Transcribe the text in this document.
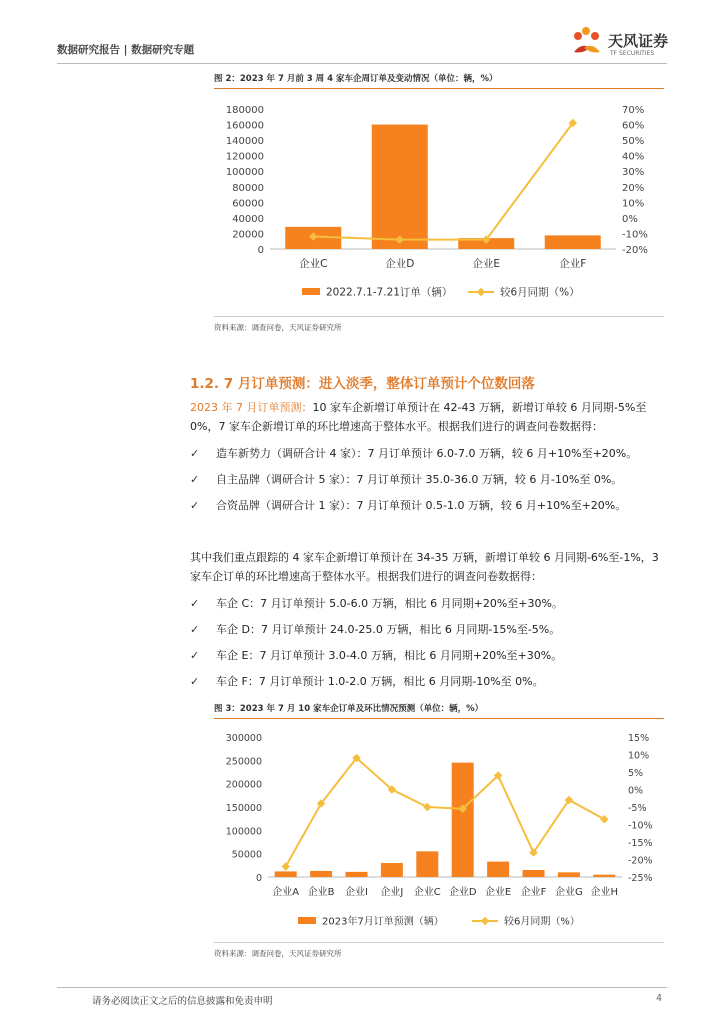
数据研究报告 | 数据研究专题	天风证券
TF SECURITIES
图 2：2023 年 7 月前 3 周 4 家车企周订单及变动情况（单位：辆，%）
180000
160000
140000
120000
100000
80000
60000
40000
20000
0
70%
60%
50%
40%
30%
20%
10%
0%
-10%
-20%
企业C	企业D	企业E	企业F
2022.7.1-7.21订单（辆）	较6月同期（%）
资料来源：调查问卷，天风证券研究所
1.2. 7 月订单预测：进入淡季，整体订单预计个位数回落
2023 年 7 月订单预测：10 家车企新增订单预计在 42-43 万辆，新增订单较 6 月同期-5%至 0%，7 家车企新增订单的环比增速高于整体水平。根据我们进行的调查问卷数据得：
✓ 造车新势力（调研合计 4 家）：7 月订单预计 6.0-7.0 万辆，较 6 月+10%至+20%。
✓ 自主品牌（调研合计 5 家）：7 月订单预计 35.0-36.0 万辆，较 6 月-10%至 0%。
✓ 合资品牌（调研合计 1 家）：7 月订单预计 0.5-1.0 万辆，较 6 月+10%至+20%。
其中我们重点跟踪的 4 家车企新增订单预计在 34-35 万辆，新增订单较 6 月同期-6%至-1%，3 家车企订单的环比增速高于整体水平。根据我们进行的调查问卷数据得：
✓ 车企 C：7 月订单预计 5.0-6.0 万辆，相比 6 月同期+20%至+30%。
✓ 车企 D：7 月订单预计 24.0-25.0 万辆，相比 6 月同期-15%至-5%。
✓ 车企 E：7 月订单预计 3.0-4.0 万辆，相比 6 月同期+20%至+30%。
✓ 车企 F：7 月订单预计 1.0-2.0 万辆，相比 6 月同期-10%至 0%。
图 3：2023 年 7 月 10 家车企订单及环比情况预测（单位：辆，%）
300000
250000
200000
150000
100000
50000
0
15%
10%
5%
0%
-5%
-10%
-15%
-20%
-25%
企业A 企业B 企业I 企业J 企业C 企业D 企业E 企业F 企业G 企业H
2023年7月订单预测（辆）	较6月同期（%）
资料来源：调查问卷，天风证券研究所
请务必阅读正文之后的信息披露和免责申明	4
